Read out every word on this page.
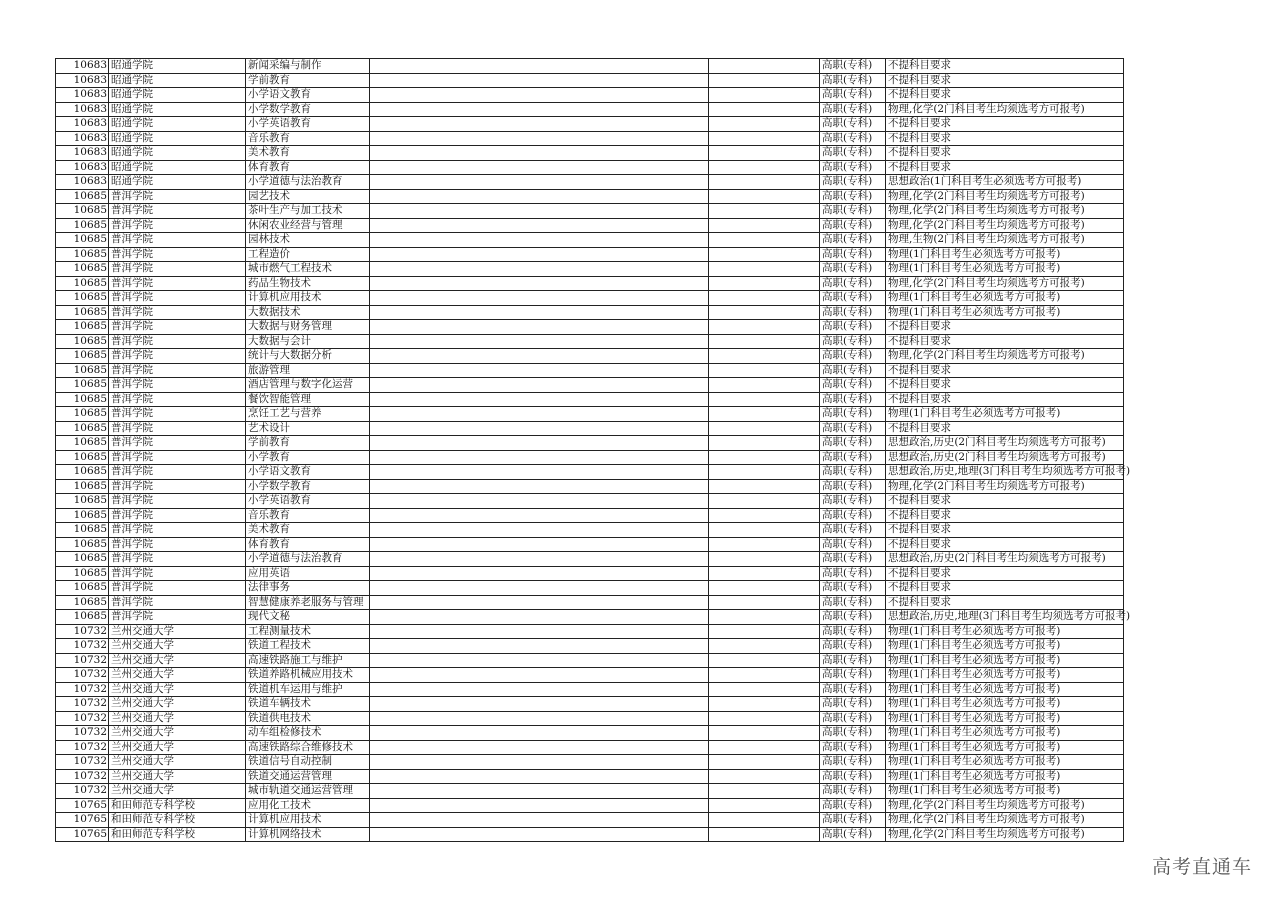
10683	昭通学院	新闻采编与制作			高职(专科)	不提科目要求

10683	昭通学院	学前教育			高职(专科)	不提科目要求

10683	昭通学院	小学语文教育			高职(专科)	不提科目要求

10683	昭通学院	小学数学教育			高职(专科)	物理,化学(2门科目考生均须选考方可报考)

10683	昭通学院	小学英语教育			高职(专科)	不提科目要求

10683	昭通学院	音乐教育			高职(专科)	不提科目要求

10683	昭通学院	美术教育			高职(专科)	不提科目要求

10683	昭通学院	体育教育			高职(专科)	不提科目要求

10683	昭通学院	小学道德与法治教育			高职(专科)	思想政治(1门科目考生必须选考方可报考)

10685	普洱学院	园艺技术			高职(专科)	物理,化学(2门科目考生均须选考方可报考)

10685	普洱学院	茶叶生产与加工技术			高职(专科)	物理,化学(2门科目考生均须选考方可报考)

10685	普洱学院	休闲农业经营与管理			高职(专科)	物理,化学(2门科目考生均须选考方可报考)

10685	普洱学院	园林技术			高职(专科)	物理,生物(2门科目考生均须选考方可报考)

10685	普洱学院	工程造价			高职(专科)	物理(1门科目考生必须选考方可报考)

10685	普洱学院	城市燃气工程技术			高职(专科)	物理(1门科目考生必须选考方可报考)

10685	普洱学院	药品生物技术			高职(专科)	物理,化学(2门科目考生均须选考方可报考)

10685	普洱学院	计算机应用技术			高职(专科)	物理(1门科目考生必须选考方可报考)

10685	普洱学院	大数据技术			高职(专科)	物理(1门科目考生必须选考方可报考)

10685	普洱学院	大数据与财务管理			高职(专科)	不提科目要求

10685	普洱学院	大数据与会计			高职(专科)	不提科目要求

10685	普洱学院	统计与大数据分析			高职(专科)	物理,化学(2门科目考生均须选考方可报考)

10685	普洱学院	旅游管理			高职(专科)	不提科目要求

10685	普洱学院	酒店管理与数字化运营			高职(专科)	不提科目要求

10685	普洱学院	餐饮智能管理			高职(专科)	不提科目要求

10685	普洱学院	烹饪工艺与营养			高职(专科)	物理(1门科目考生必须选考方可报考)

10685	普洱学院	艺术设计			高职(专科)	不提科目要求

10685	普洱学院	学前教育			高职(专科)	思想政治,历史(2门科目考生均须选考方可报考)

10685	普洱学院	小学教育			高职(专科)	思想政治,历史(2门科目考生均须选考方可报考)

10685	普洱学院	小学语文教育			高职(专科)	思想政治,历史,地理(3门科目考生均须选考方可报考)

10685	普洱学院	小学数学教育			高职(专科)	物理,化学(2门科目考生均须选考方可报考)

10685	普洱学院	小学英语教育			高职(专科)	不提科目要求

10685	普洱学院	音乐教育			高职(专科)	不提科目要求

10685	普洱学院	美术教育			高职(专科)	不提科目要求

10685	普洱学院	体育教育			高职(专科)	不提科目要求

10685	普洱学院	小学道德与法治教育			高职(专科)	思想政治,历史(2门科目考生均须选考方可报考)

10685	普洱学院	应用英语			高职(专科)	不提科目要求

10685	普洱学院	法律事务			高职(专科)	不提科目要求

10685	普洱学院	智慧健康养老服务与管理			高职(专科)	不提科目要求

10685	普洱学院	现代文秘			高职(专科)	思想政治,历史,地理(3门科目考生均须选考方可报考)

10732	兰州交通大学	工程测量技术			高职(专科)	物理(1门科目考生必须选考方可报考)

10732	兰州交通大学	铁道工程技术			高职(专科)	物理(1门科目考生必须选考方可报考)

10732	兰州交通大学	高速铁路施工与维护			高职(专科)	物理(1门科目考生必须选考方可报考)

10732	兰州交通大学	铁道养路机械应用技术			高职(专科)	物理(1门科目考生必须选考方可报考)

10732	兰州交通大学	铁道机车运用与维护			高职(专科)	物理(1门科目考生必须选考方可报考)

10732	兰州交通大学	铁道车辆技术			高职(专科)	物理(1门科目考生必须选考方可报考)

10732	兰州交通大学	铁道供电技术			高职(专科)	物理(1门科目考生必须选考方可报考)

10732	兰州交通大学	动车组检修技术			高职(专科)	物理(1门科目考生必须选考方可报考)

10732	兰州交通大学	高速铁路综合维修技术			高职(专科)	物理(1门科目考生必须选考方可报考)

10732	兰州交通大学	铁道信号自动控制			高职(专科)	物理(1门科目考生必须选考方可报考)

10732	兰州交通大学	铁道交通运营管理			高职(专科)	物理(1门科目考生必须选考方可报考)

10732	兰州交通大学	城市轨道交通运营管理			高职(专科)	物理(1门科目考生必须选考方可报考)

10765	和田师范专科学校	应用化工技术			高职(专科)	物理,化学(2门科目考生均须选考方可报考)

10765	和田师范专科学校	计算机应用技术			高职(专科)	物理,化学(2门科目考生均须选考方可报考)

10765	和田师范专科学校	计算机网络技术			高职(专科)	物理,化学(2门科目考生均须选考方可报考)
高考直通车
